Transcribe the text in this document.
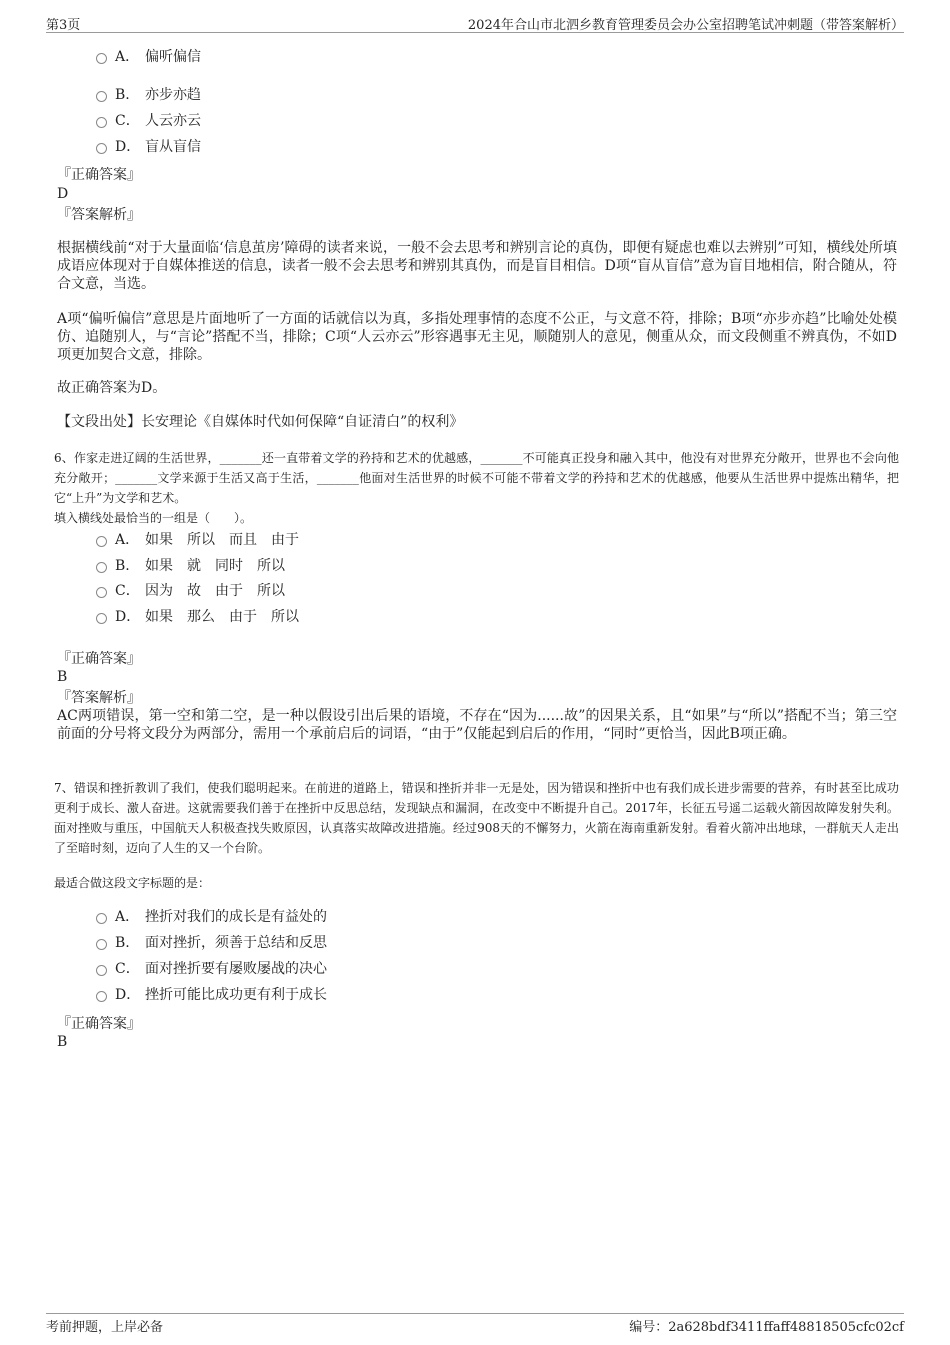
第3页	2024年合山市北泗乡教育管理委员会办公室招聘笔试冲刺题（带答案解析）
A． 偏听偏信
B. 亦步亦趋
C． 人云亦云
D． 盲从盲信
『正确答案』
D
『答案解析』
根据横线前“对于大量面临‘信息茧房’障碍的读者来说，一般不会去思考和辨别言论的真伪，即便有疑虑也难以去辨别”可知，横线处所填成语应体现对于自媒体推送的信息，读者一般不会去思考和辨别其真伪，而是盲目相信。D项“盲从盲信”意为盲目地相信，附合随从，符合文意，当选。
A项“偏听偏信”意思是片面地听了一方面的话就信以为真，多指处理事情的态度不公正，与文意不符，排除；B项“亦步亦趋”比喻处处模仿、追随别人，与“言论”搭配不当，排除；C项“人云亦云”形容遇事无主见，顺随别人的意见，侧重从众，而文段侧重不辨真伪，不如D项更加契合文意，排除。
故正确答案为D。
【文段出处】长安理论《自媒体时代如何保障“自证清白”的权利》
6、作家走进辽阔的生活世界，_______还一直带着文学的矜持和艺术的优越感，_______不可能真正投身和融入其中，他没有对世界充分敞开，世界也不会向他充分敞开；_______文学来源于生活又高于生活，_______他面对生活世界的时候不可能不带着文学的矜持和艺术的优越感，他要从生活世界中提炼出精华，把它“上升”为文学和艺术。
填入横线处最恰当的一组是（　　）。
A． 如果　所以　而且　由于
B. 如果　就　同时　所以
C． 因为　故　由于　所以
D． 如果　那么　由于　所以
『正确答案』
B
『答案解析』
AC两项错误，第一空和第二空，是一种以假设引出后果的语境，不存在“因为......故”的因果关系，且“如果”与“所以”搭配不当；第三空前面的分号将文段分为两部分，需用一个承前启后的词语，“由于”仅能起到启后的作用，“同时”更恰当，因此B项正确。
7、错误和挫折教训了我们，使我们聪明起来。在前进的道路上，错误和挫折并非一无是处，因为错误和挫折中也有我们成长进步需要的营养，有时甚至比成功更利于成长、激人奋进。这就需要我们善于在挫折中反思总结，发现缺点和漏洞，在改变中不断提升自己。2017年，长征五号遥二运载火箭因故障发射失利。面对挫败与重压，中国航天人积极查找失败原因，认真落实故障改进措施。经过908天的不懈努力，火箭在海南重新发射。看着火箭冲出地球，一群航天人走出了至暗时刻，迈向了人生的又一个台阶。
最适合做这段文字标题的是：
A． 挫折对我们的成长是有益处的
B. 面对挫折，须善于总结和反思
C． 面对挫折要有屡败屡战的决心
D． 挫折可能比成功更有利于成长
『正确答案』
B
考前押题，上岸必备	编号：2a628bdf3411ffaff48818505cfc02cf
